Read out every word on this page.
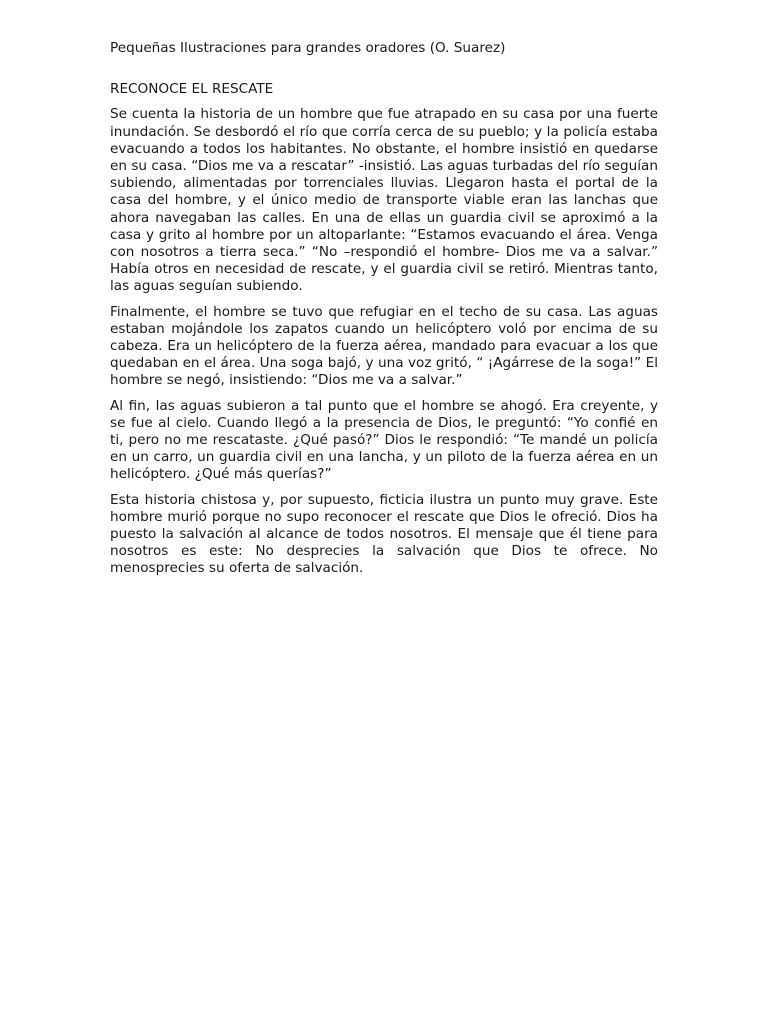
Pequeñas Ilustraciones para grandes oradores (O. Suarez)
RECONOCE EL RESCATE

Se cuenta la historia de un hombre que fue atrapado en su casa por una fuerte inundación. Se desbordó el río que corría cerca de su pueblo; y la policía estaba evacuando a todos los habitantes. No obstante, el hombre insistió en quedarse en su casa. “Dios me va a rescatar” -insistió. Las aguas turbadas del río seguían subiendo, alimentadas por torrenciales lluvias. Llegaron hasta el portal de la casa del hombre, y el único medio de transporte viable eran las lanchas que ahora navegaban las calles. En una de ellas un guardia civil se aproximó a la casa y grito al hombre por un altoparlante: “Estamos evacuando el área. Venga con nosotros a tierra seca.” “No –respondió el hombre- Dios me va a salvar.” Había otros en necesidad de rescate, y el guardia civil se retiró. Mientras tanto, las aguas seguían subiendo.

Finalmente, el hombre se tuvo que refugiar en el techo de su casa. Las aguas estaban mojándole los zapatos cuando un helicóptero voló por encima de su cabeza. Era un helicóptero de la fuerza aérea, mandado para evacuar a los que quedaban en el área. Una soga bajó, y una voz gritó, “ ¡Agárrese de la soga!” El hombre se negó, insistiendo: “Dios me va a salvar.”

Al fin, las aguas subieron a tal punto que el hombre se ahogó. Era creyente, y se fue al cielo. Cuando llegó a la presencia de Dios, le preguntó: “Yo confié en ti, pero no me rescataste. ¿Qué pasó?” Dios le respondió: “Te mandé un policía en un carro, un guardia civil en una lancha, y un piloto de la fuerza aérea en un helicóptero. ¿Qué más querías?”

Esta historia chistosa y, por supuesto, ficticia ilustra un punto muy grave. Este hombre murió porque no supo reconocer el rescate que Dios le ofreció. Dios ha puesto la salvación al alcance de todos nosotros. El mensaje que él tiene para nosotros es este: No desprecies la salvación que Dios te ofrece. No menosprecies su oferta de salvación.
